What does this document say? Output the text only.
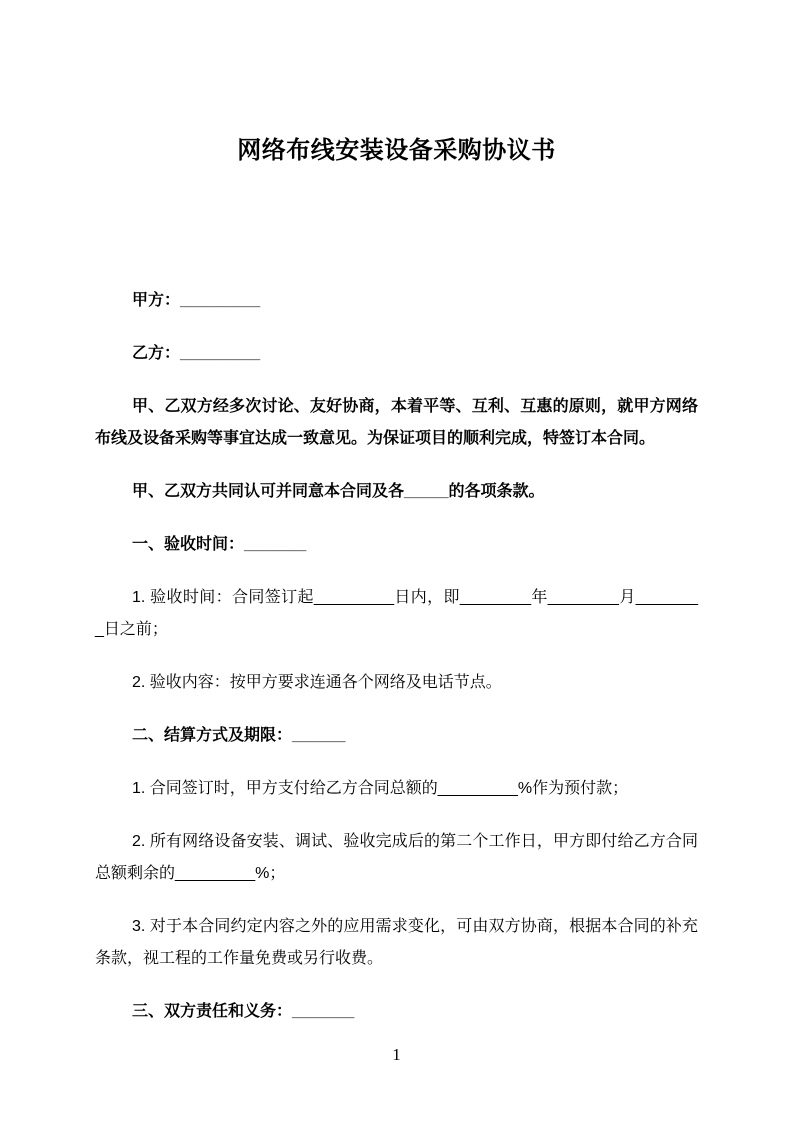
网络布线安装设备采购协议书

甲方：_________

乙方：_________

甲、乙双方经多次讨论、友好协商，本着平等、互利、互惠的原则，就甲方网络布线及设备采购等事宜达成一致意见。为保证项目的顺利完成，特签订本合同。

甲、乙双方共同认可并同意本合同及各_____的各项条款。

一、验收时间：_______

1. 验收时间：合同签订起_________日内，即________年________月________日之前；

2. 验收内容：按甲方要求连通各个网络及电话节点。

二、结算方式及期限：______

1. 合同签订时，甲方支付给乙方合同总额的_________%作为预付款；

2. 所有网络设备安装、调试、验收完成后的第二个工作日，甲方即付给乙方合同总额剩余的_________%；

3. 对于本合同约定内容之外的应用需求变化，可由双方协商，根据本合同的补充条款，视工程的工作量免费或另行收费。

三、双方责任和义务：_______

1
